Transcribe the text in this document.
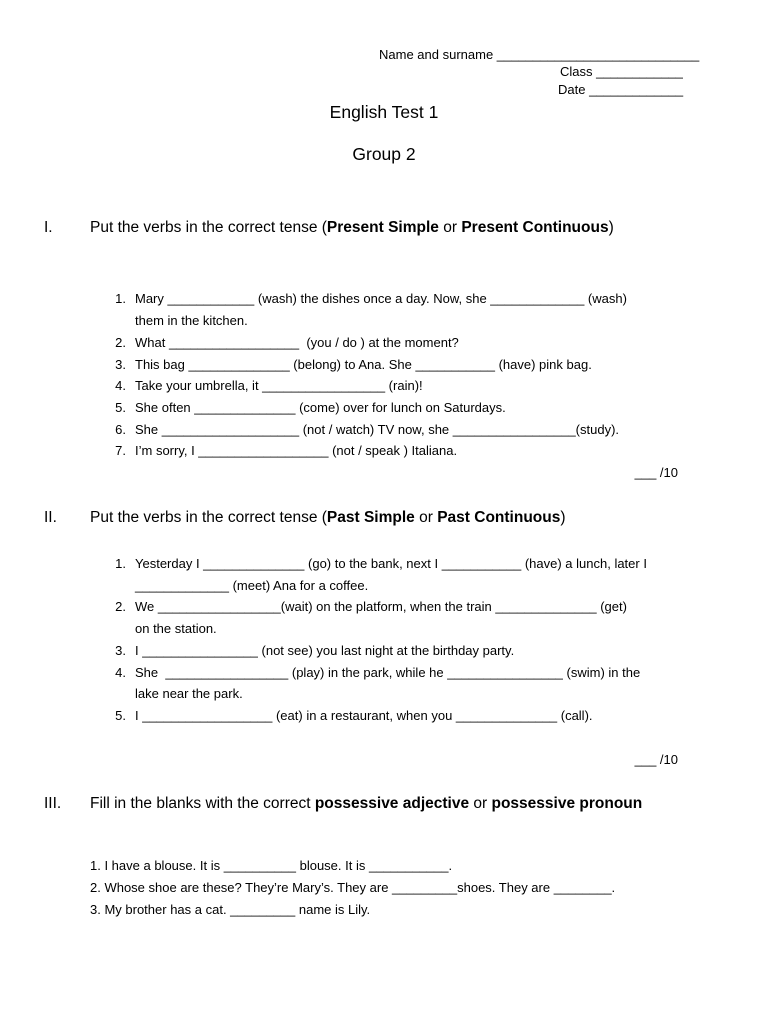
Name and surname ____________________________
Class ____________
Date _____________
English Test 1
Group 2
I. Put the verbs in the correct tense (Present Simple or Present Continuous)
1. Mary ____________ (wash) the dishes once a day. Now, she _____________ (wash)
them in the kitchen.
2. What __________________  (you / do ) at the moment?
3. This bag ______________ (belong) to Ana. She ___________ (have) pink bag.
4. Take your umbrella, it _________________ (rain)!
5. She often ______________ (come) over for lunch on Saturdays.
6. She ___________________ (not / watch) TV now, she _________________(study).
7. I’m sorry, I __________________ (not / speak ) Italiana.
___ /10
II. Put the verbs in the correct tense (Past Simple or Past Continuous)
1. Yesterday I ______________ (go) to the bank, next I ___________ (have) a lunch, later I
_____________ (meet) Ana for a coffee.
2. We _________________(wait) on the platform, when the train ______________ (get)
on the station.
3. I ________________ (not see) you last night at the birthday party.
4. She  _________________ (play) in the park, while he ________________ (swim) in the
lake near the park.
5. I __________________ (eat) in a restaurant, when you ______________ (call).
___ /10
III. Fill in the blanks with the correct possessive adjective or possessive pronoun
1. I have a blouse. It is __________ blouse. It is ___________.
2. Whose shoe are these? They’re Mary’s. They are _________shoes. They are ________.
3. My brother has a cat. _________ name is Lily.
